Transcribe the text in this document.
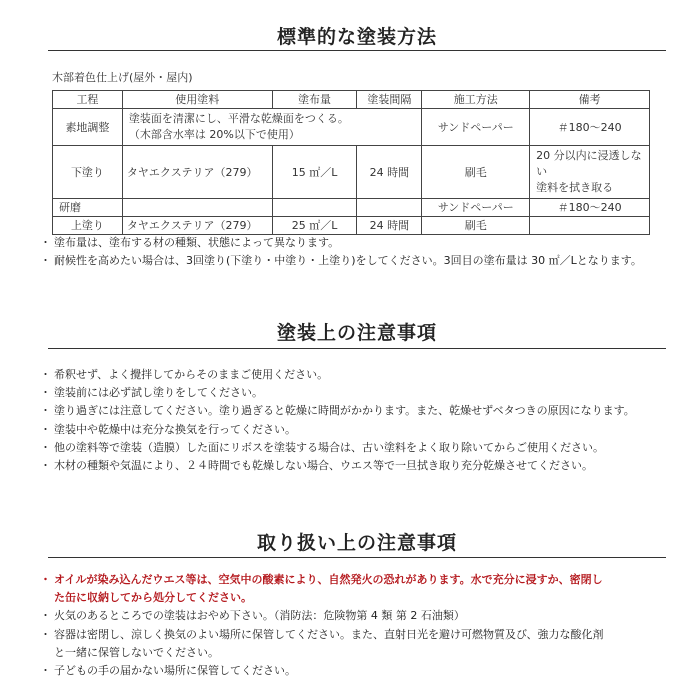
標準的な塗装方法
木部着色仕上げ(屋外・屋内)
工程	使用塗料	塗布量	塗装間隔	施工方法	備考
素地調整	塗装面を清潔にし、平滑な乾燥面をつくる。
（木部含水率は 20%以下で使用）			サンドペーパー	＃180～240
下塗り	タヤエクステリア（279）	15 ㎡／L	24 時間	刷毛	20 分以内に浸透しない
塗料を拭き取る

研磨				サンドペーパー	＃180～240
上塗り	タヤエクステリア（279）	25 ㎡／L	24 時間	刷毛	
・ 塗布量は、塗布する材の種類、状態によって異なります。
・ 耐候性を高めたい場合は、3回塗り(下塗り・中塗り・上塗り)をしてください。3回目の塗布量は 30 ㎡／Lとなります。
塗装上の注意事項
・ 希釈せず、よく攪拌してからそのままご使用ください。
・ 塗装前には必ず試し塗りをしてください。
・ 塗り過ぎには注意してください。塗り過ぎると乾燥に時間がかかります。また、乾燥せずベタつきの原因になります。
・ 塗装中や乾燥中は充分な換気を行ってください。
・ 他の塗料等で塗装（造膜）した面にリボスを塗装する場合は、古い塗料をよく取り除いてからご使用ください。
・ 木材の種類や気温により、２４時間でも乾燥しない場合、ウエス等で一旦拭き取り充分乾燥させてください。
取り扱い上の注意事項
・ オイルが染み込んだウエス等は、空気中の酸素により、自然発火の恐れがあります。水で充分に浸すか、密閉し
た缶に収納してから処分してください。
・ 火気のあるところでの塗装はおやめ下さい。（消防法：危険物第 4 類 第 2 石油類）
・ 容器は密閉し、涼しく換気のよい場所に保管してください。また、直射日光を避け可燃物質及び、強力な酸化剤
と一緒に保管しないでください。
・ 子どもの手の届かない場所に保管してください。
